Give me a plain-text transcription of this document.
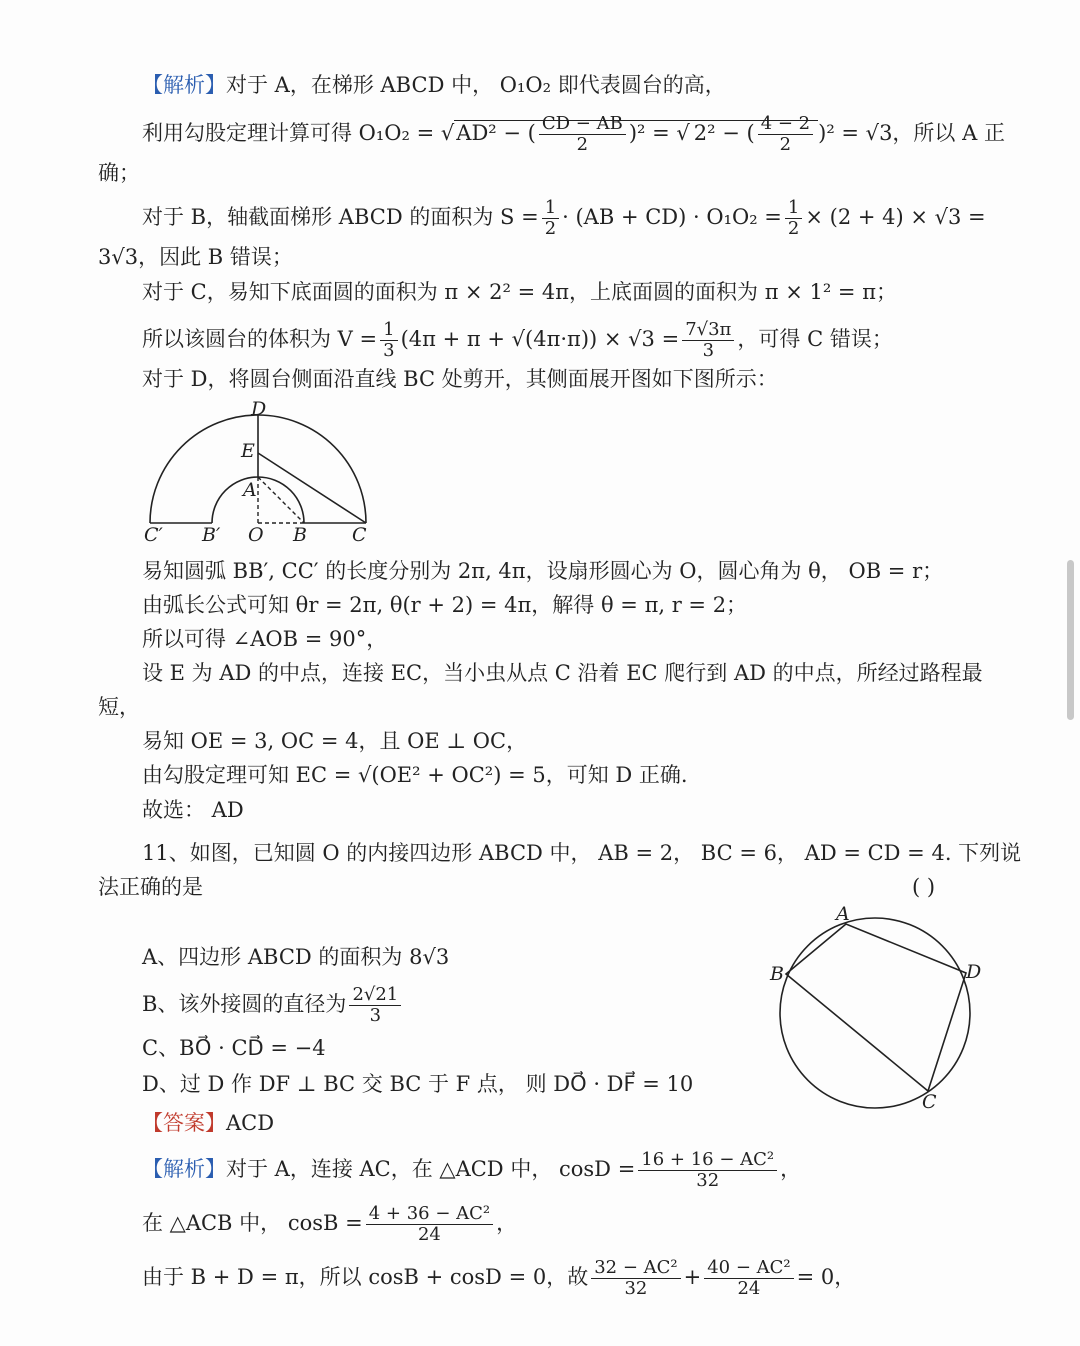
【解析】对于 A，在梯形 ABCD 中， O₁O₂ 即代表圆台的高，
利用勾股定理计算可得 O₁O₂ = √AD² − ( $\frac{CD - AB}{2} )^2$ = √ 2² − ( $\frac{4 - 2}{2} )^2 = √3$，所以 A 正
确；
对于 B，轴截面梯形 ABCD 的面积为 $S = \frac{1}{2} \cdot (AB + CD) \cdot O_1O_2 = \frac{1}{2} \times (2 + 4) \times √3$ =
3√3，因此 B 错误；
对于 C，易知下底面圆的面积为 π × 2² = 4π，上底面圆的面积为 π × 1² = π；
所以该圆台的体积为 $V = \frac{1}{3} (4\pi + \pi + √(4\pi\cdot\pi)) \times √3 = \frac{7√3\pi}{3}$ ，可得 C 错误；
对于 D，将圆台侧面沿直线 BC 处剪开，其侧面展开图如下图所示：
D
E
A
C′ B′ O B C
易知圆弧 BB′, CC′ 的长度分别为 2π, 4π，设扇形圆心为 O，圆心角为 θ， OB = r；
由弧长公式可知 θr = 2π, θ(r + 2) = 4π，解得 θ = π, r = 2；
所以可得 ∠AOB = 90°，
设 E 为 AD 的中点，连接 EC，当小虫从点 C 沿着 EC 爬行到 AD 的中点，所经过路程最
短，
易知 OE = 3, OC = 4，且 OE ⊥ OC，
由勾股定理可知 EC = √(OE² + OC²) = 5，可知 D 正确.
故选： AD
11、如图，已知圆 O 的内接四边形 ABCD 中， AB = 2， BC = 6， AD = CD = 4. 下列说
法正确的是	( )
A、四边形 ABCD 的面积为 8√3
B、该外接圆的直径为 $\frac{2√21}{3}$
C、BO⃗ · CD⃗ = −4
D、过 D 作 DF ⊥ BC 交 BC 于 F 点， 则 DO⃗ · DF⃗ = 10
A
B	D
C
【答案】ACD
【解析】对于 A，连接 AC，在 △ACD 中， $\cos D = \frac{\text{16 + 16 − AC²}}{32}$ ，
在 △ACB 中， $\cos B = \frac{\text{4 + 36 − AC²}}{24}$ ，
由于 B + D = π，所以 cosB + cosD = 0，故 $\frac{\text{32 − AC²}}{32} + \frac{\text{40 − AC²}}{24} = 0$，
